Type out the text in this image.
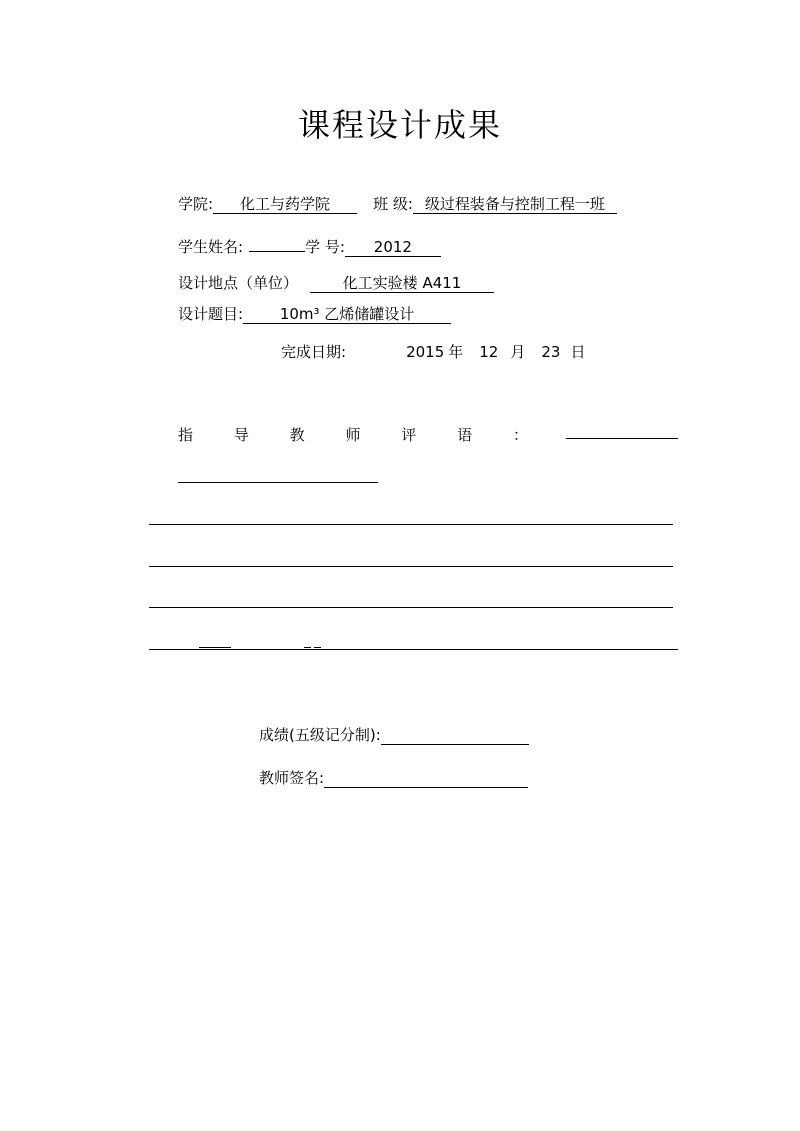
课程设计成果
学院: 化工与药学院	班 级: 级过程装备与控制工程一班
学生姓名:	学 号: 2012
设计地点（单位）	化工实验楼 A411
设计题目: 10m³ 乙烯储罐设计
完成日期:	2015 年 12 月 23 日
指	导	教	师	评	语	：
成绩(五级记分制):
教师签名:
